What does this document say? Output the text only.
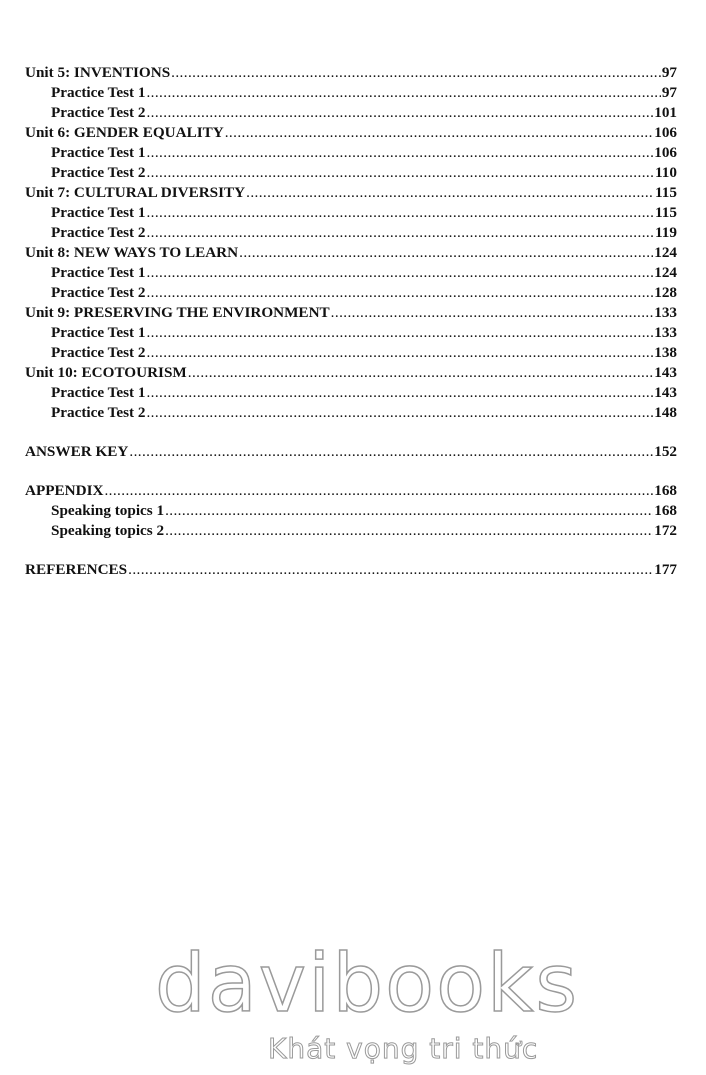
Unit 5: INVENTIONS .....	97
Practice Test 1 .....	97
Practice Test 2 .....	101
Unit 6: GENDER EQUALITY .....	106
Practice Test 1 .....	106
Practice Test 2 .....	110
Unit 7: CULTURAL DIVERSITY .....	115
Practice Test 1 .....	115
Practice Test 2 .....	119
Unit 8: NEW WAYS TO LEARN .....	124
Practice Test 1 .....	124
Practice Test 2 .....	128
Unit 9: PRESERVING THE ENVIRONMENT .....	133
Practice Test 1 .....	133
Practice Test 2 .....	138
Unit 10: ECOTOURISM .....	143
Practice Test 1 .....	143
Practice Test 2 .....	148
ANSWER KEY .....	152
APPENDIX .....	168
Speaking topics 1 .....	168
Speaking topics 2 .....	172
REFERENCES .....	177
davibooks
Khát vọng tri thức
